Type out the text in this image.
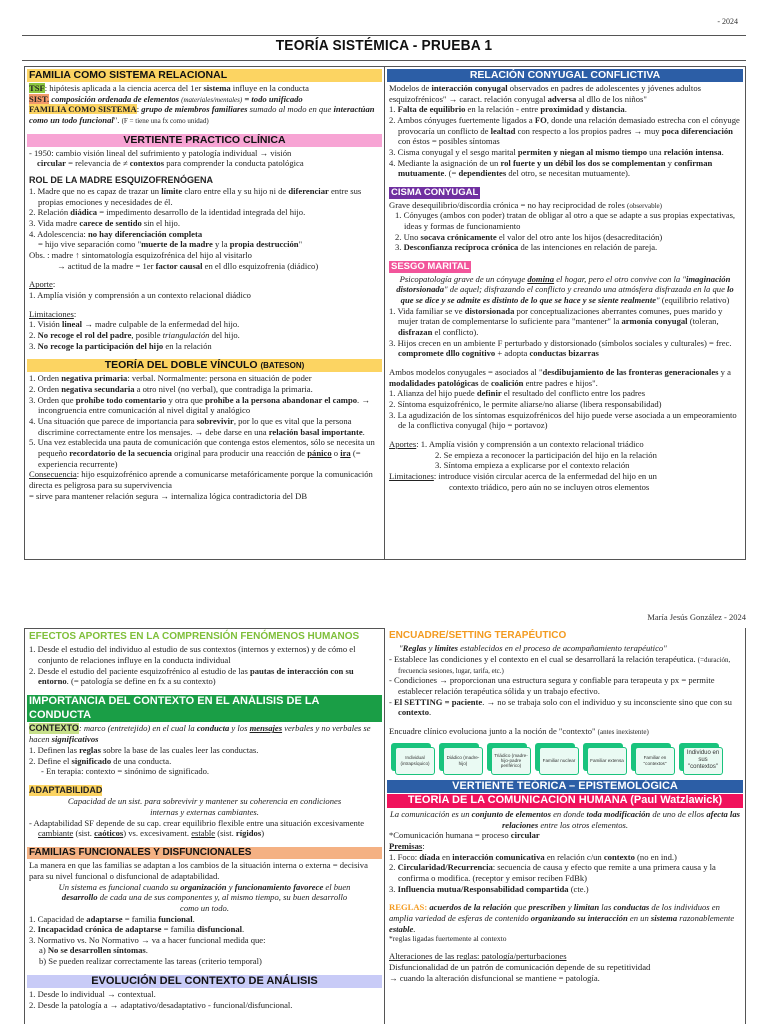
- 2024
TEORÍA SISTÉMICA - PRUEBA 1
FAMILIA COMO SISTEMA RELACIONAL

TSF: hipótesis aplicada a la ciencia acerca del 1er sistema influye en la conducta

SIST. composición ordenada de elementos (materiales/mentales) = todo unificado

FAMILIA COMO SISTEMA: grupo de miembros familiares sumado al modo en que interactúan como un todo funcional". (F = tiene una fx como unidad)

VERTIENTE PRACTICO CLÍNICA

- 1950: cambio visión lineal del sufrimiento y patología individual → visión

circular = relevancia de ≠ contextos para comprender la conducta patológica

ROL DE LA MADRE ESQUIZOFRENÓGENA

1. Madre que no es capaz de trazar un límite claro entre ella y su hijo ni de diferenciar entre sus propias emociones y necesidades de él.

2. Relación diádica = impedimento desarrollo de la identidad integrada del hijo.

3. Vida madre carece de sentido sin el hijo.

4. Adolescencia: no hay diferenciación completa

= hijo vive separación como "muerte de la madre y la propia destrucción"

Obs. : madre ↑ sintomatología esquizofrénica del hijo al visitarlo

→ actitud de la madre = 1er factor causal en el dllo esquizofrenia (diádico)

Aporte:

1. Amplía visión y comprensión a un contexto relacional diádico

Limitaciones:

1. Visión lineal → madre culpable de la enfermedad del hijo.

2. No recoge el rol del padre, posible triangulación del hijo.

3. No recoge la participación del hijo en la relación

TEORÍA DEL DOBLE VÍNCULO (BATESON)

1. Orden negativa primaria: verbal. Normalmente: persona en situación de poder

2. Orden negativa secundaria a otro nivel (no verbal), que contradiga la primaria.

3. Orden que prohíbe todo comentario y otra que prohíbe a la persona abandonar el campo. → incongruencia entre comunicación al nivel digital y analógico

4. Una situación que parece de importancia para sobrevivir, por lo que es vital que la persona discrimine correctamente entre los mensajes. → debe darse en una relación basal importante.

5. Una vez establecida una pauta de comunicación que contenga estos elementos, sólo se necesita un pequeño recordatorio de la secuencia original para producir una reacción de pánico o ira (= experiencia recurrente)

Consecuencia: hijo esquizofrénico aprende a comunicarse metafóricamente porque la comunicación directa es peligrosa para su supervivencia

= sirve para mantener relación segura → internaliza lógica contradictoria del DB

RELACIÓN CONYUGAL CONFLICTIVA

Modelos de interacción conyugal observados en padres de adolescentes y jóvenes adultos esquizofrénicos" → caract. relación conyugal adversa al dllo de los niños"

1. Falta de equilibrio en la relación - entre proximidad y distancia.

2. Ambos cónyuges fuertemente ligados a FO, donde una relación demasiado estrecha con el cónyuge provocaría un conflicto de lealtad con respecto a los propios padres → muy poca diferenciación con éstos = posibles síntomas

3. Cisma conyugal y el sesgo marital permiten y niegan al mismo tiempo una relación intensa.

4. Mediante la asignación de un rol fuerte y un débil los dos se complementan y confirman mutuamente. (= dependientes del otro, se necesitan mutuamente).

CISMA CONYUGAL

Grave desequilibrio/discordia crónica = no hay reciprocidad de roles (observable)

1. Cónyuges (ambos con poder) tratan de obligar al otro a que se adapte a sus propias expectativas, ideas y formas de funcionamiento

2. Uno socava crónicamente el valor del otro ante los hijos (desacreditación)

3. Desconfianza recíproca crónica de las intenciones en relación de pareja.

SESGO MARITAL

Psicopatología grave de un cónyuge domina el hogar, pero el otro convive con la "imaginación distorsionada" de aquel; disfrazando el conflicto y creando una atmósfera disfrazada en la que lo que se dice y se admite es distinto de lo que se hace y se siente realmente" (equilibrio relativo)

1. Vida familiar se ve distorsionada por conceptualizaciones aberrantes comunes, pues marido y mujer tratan de complementarse lo suficiente para "mantener" la armonía conyugal (toleran, disfrazan el conflicto).

3. Hijos crecen en un ambiente F perturbado y distorsionado (símbolos sociales y culturales) = frec. compromete dllo cognitivo + adopta conductas bizarras

Ambos modelos conyugales = asociados al "desdibujamiento de las fronteras generacionales y a modalidades patológicas de coalición entre padres e hijos".

1. Alianza del hijo puede definir el resultado del conflicto entre los padres

2. Síntoma esquizofrénico, le permite aliarse/no aliarse (libera responsabilidad)

3. La agudización de los síntomas esquizofrénicos del hijo puede verse asociada a un empeoramiento de la conflictiva conyugal (hijo = portavoz)

Aportes: 1. Amplía visión y comprensión a un contexto relacional triádico

2. Se empieza a reconocer la participación del hijo en la relación

3. Síntoma empieza a explicarse por el contexto relación

Limitaciones: introduce visión circular acerca de la enfermedad del hijo en un

contexto triádico, pero aún no se incluyen otros elementos

María Jesús González - 2024
EFECTOS APORTES EN LA COMPRENSIÓN FENÓMENOS HUMANOS

1. Desde el estudio del individuo al estudio de sus contextos (internos y externos) y de cómo el conjunto de relaciones influye en la conducta individual

2. Desde el estudio del paciente esquizofrénico al estudio de las pautas de interacción con su entorno. (= patología se define en fx a su contexto)

IMPORTANCIA DEL CONTEXTO EN EL ANÁLISIS DE LA CONDUCTA

CONTEXTO: marco (entretejido) en el cual la conducta y los mensajes verbales y no verbales se hacen significativos

1. Definen las reglas sobre la base de las cuales leer las conductas.

2. Define el significado de una conducta.

- En terapia: contexto = sinónimo de significado.

ADAPTABILIDAD

Capacidad de un sist. para sobrevivir y mantener su coherencia en condiciones internas y externas cambiantes.

- Adaptabilidad SF depende de su cap. crear equilibrio flexible entre una situación excesivamente cambiante (sist. caóticos) vs. excesivament. estable (sist. rígidos)

FAMILIAS FUNCIONALES Y DISFUNCIONALES

La manera en que las familias se adaptan a los cambios de la situación interna o externa = decisiva para su nivel funcional o disfuncional de adaptabilidad.

Un sistema es funcional cuando su organización y funcionamiento favorece el buen desarrollo de cada una de sus componentes y, al mismo tiempo, su buen desarrollo como un todo.

1. Capacidad de adaptarse = familia funcional.

2. Incapacidad crónica de adaptarse = familia disfuncional.

3. Normativo vs. No Normativo → va a hacer funcional medida que:

a) No se desarrollen síntomas.

b) Se pueden realizar correctamente las tareas (criterio temporal)

EVOLUCIÓN DEL CONTEXTO DE ANÁLISIS

1. Desde lo individual → contextual.

2. Desde la patología a → adaptativo/desadaptativo - funcional/disfuncional.

ENCUADRE/SETTING TERAPÉUTICO

"Reglas y límites establecidos en el proceso de acompañamiento terapéutico"

- Establece las condiciones y el contexto en el cual se desarrollará la relación terapéutica. (=duración, frecuencia sesiones, lugar, tarifa, etc.)

- Condiciones → proporcionan una estructura segura y confiable para terapeuta y px = permite establecer relación terapéutica sólida y un trabajo efectivo.

- El SETTING = paciente. → no se trabaja solo con el individuo y su inconsciente sino que con su contexto.

Encuadre clínico evoluciona junto a la noción de "contexto" (antes inexistente)

Individual (intrapsíquico)
Diádico (madre-hijo)
Triádico (madre-hijo-padre periférico)
Familiar nuclear	Familiar extensa
Familiar en "contextos"
Individuo en sus "contextos"
VERTIENTE TEÓRICA – EPISTEMOLÓGICA
TEORÍA DE LA COMUNICACIÓN HUMANA (Paul Watzlawick)

La comunicación es un conjunto de elementos en donde toda modificación de uno de ellos afecta las relaciones entre los otros elementos.

*Comunicación humana = proceso circular

Premisas:

1. Foco: díada en interacción comunicativa en relación c/un contexto (no en ind.)

2. Circularidad/Recurrencia: secuencia de causa y efecto que remite a una primera causa y la confirma o modifica. (receptor y emisor reciben FdBk)

3. Influencia mutua/Responsabilidad compartida (cte.)

REGLAS: acuerdos de la relación que prescriben y limitan las conductas de los individuos en amplia variedad de esferas de contenido organizando su interacción en un sistema razonablemente estable.

*reglas ligadas fuertemente al contexto

Alteraciones de las reglas: patología/perturbaciones

Disfuncionalidad de un patrón de comunicación depende de su repetitividad

→ cuando la alteración disfuncional se mantiene = patología.
